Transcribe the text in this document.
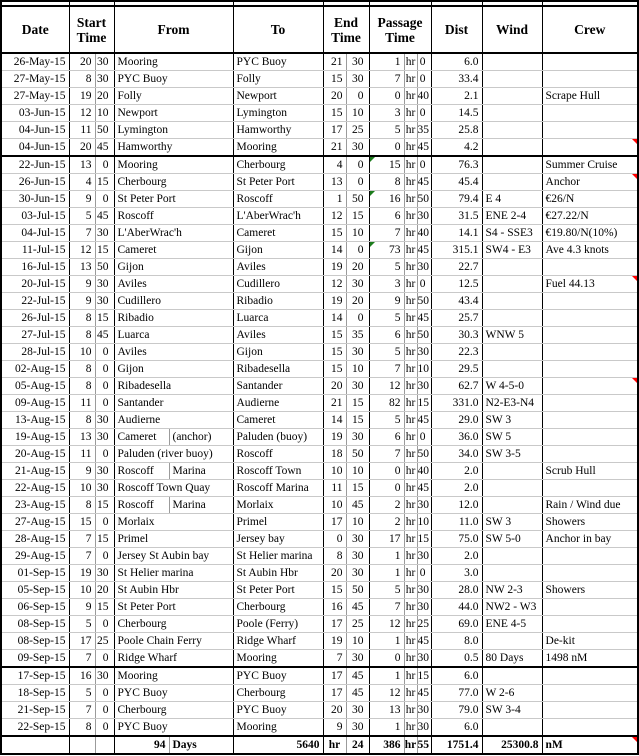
Date	Start Time		From		To	End Time		Passage Time			Dist	Wind	Crew
26-May-15	20	30	Mooring		PYC Buoy	21	30	1	hr	0	6.0		
27-May-15	8	30	PYC Buoy		Folly	15	30	7	hr	0	33.4		
27-May-15	19	20	Folly		Newport	20	0	0	hr	40	2.1		Scrape Hull
03-Jun-15	12	10	Newport		Lymington	15	10	3	hr	0	14.5		
04-Jun-15	11	50	Lymington		Hamworthy	17	25	5	hr	35	25.8		
04-Jun-15	20	45	Hamworthy		Mooring	21	30	0	hr	45	4.2		

22-Jun-15	13	0	Mooring		Cherbourg	4	0	15	hr	0	76.3		Summer Cruise
26-Jun-15	4	15	Cherbourg		St Peter Port	13	0	8	hr	45	45.4		Anchor

30-Jun-15	9	0	St Peter Port		Roscoff	1	50	16	hr	50	79.4	E 4	€26/N
03-Jul-15	5	45	Roscoff		L'AberWrac'h	12	15	6	hr	30	31.5	ENE 2-4	€27.22/N
04-Jul-15	7	30	L'AberWrac'h		Cameret	15	10	7	hr	40	14.1	S4 - SSE3	€19.80/N(10%)
11-Jul-15	12	15	Cameret		Gijon	14	0	73	hr	45	315.1	SW4 - E3	Ave 4.3 knots
16-Jul-15	13	50	Gijon		Aviles	19	20	5	hr	30	22.7		
20-Jul-15	9	30	Aviles		Cudillero	12	30	3	hr	0	12.5		Fuel 44.13

22-Jul-15	9	30	Cudillero		Ribadio	19	20	9	hr	50	43.4		
26-Jul-15	8	15	Ribadio		Luarca	14	0	5	hr	45	25.7		
27-Jul-15	8	45	Luarca		Aviles	15	35	6	hr	50	30.3	WNW 5	
28-Jul-15	10	0	Aviles		Gijon	15	30	5	hr	30	22.3		
02-Aug-15	8	0	Gijon		Ribadesella	15	10	7	hr	10	29.5		
05-Aug-15	8	0	Ribadesella		Santander	20	30	12	hr	30	62.7	W 4-5-0	

09-Aug-15	11	0	Santander		Audierne	21	15	82	hr	15	331.0	N2-E3-N4	
13-Aug-15	8	30	Audierne		Cameret	14	15	5	hr	45	29.0	SW 3	
19-Aug-15	13	30	Cameret	(anchor)	Paluden (buoy)	19	30	6	hr	0	36.0	SW 5	
20-Aug-15	11	0	Paluden (river buoy)		Roscoff	18	50	7	hr	50	34.0	SW 3-5	
21-Aug-15	9	30	Roscoff	Marina	Roscoff Town	10	10	0	hr	40	2.0		Scrub Hull
22-Aug-15	10	30	Roscoff Town Quay		Roscoff Marina	11	15	0	hr	45	2.0		
23-Aug-15	8	15	Roscoff	Marina	Morlaix	10	45	2	hr	30	12.0		Rain / Wind due
27-Aug-15	15	0	Morlaix		Primel	17	10	2	hr	10	11.0	SW 3	Showers
28-Aug-15	7	15	Primel		Jersey bay	0	30	17	hr	15	75.0	SW 5-0	Anchor in bay
29-Aug-15	7	0	Jersey St Aubin bay		St Helier marina	8	30	1	hr	30	2.0		
01-Sep-15	19	30	St Helier marina		St Aubin Hbr	20	30	1	hr	0	3.0		
05-Sep-15	10	20	St Aubin Hbr		St Peter Port	15	50	5	hr	30	28.0	NW 2-3	Showers
06-Sep-15	9	15	St Peter Port		Cherbourg	16	45	7	hr	30	44.0	NW2 - W3	
08-Sep-15	5	0	Cherbourg		Poole (Ferry)	17	25	12	hr	25	69.0	ENE 4-5	
08-Sep-15	17	25	Poole Chain Ferry		Ridge Wharf	19	10	1	hr	45	8.0		De-kit
09-Sep-15	7	0	Ridge Wharf		Mooring	7	30	0	hr	30	0.5	80 Days	1498 nM
17-Sep-15	16	30	Mooring		PYC Buoy	17	45	1	hr	15	6.0		
18-Sep-15	5	0	PYC Buoy		Cherbourg	17	45	12	hr	45	77.0	W 2-6	
21-Sep-15	7	0	Cherbourg		PYC Buoy	20	30	13	hr	30	79.0	SW 3-4	
22-Sep-15	8	0	PYC Buoy		Mooring	9	30	1	hr	30	6.0		
			94	Days	5640	hr	24	386	hr	55	1751.4	25300.8	nM
